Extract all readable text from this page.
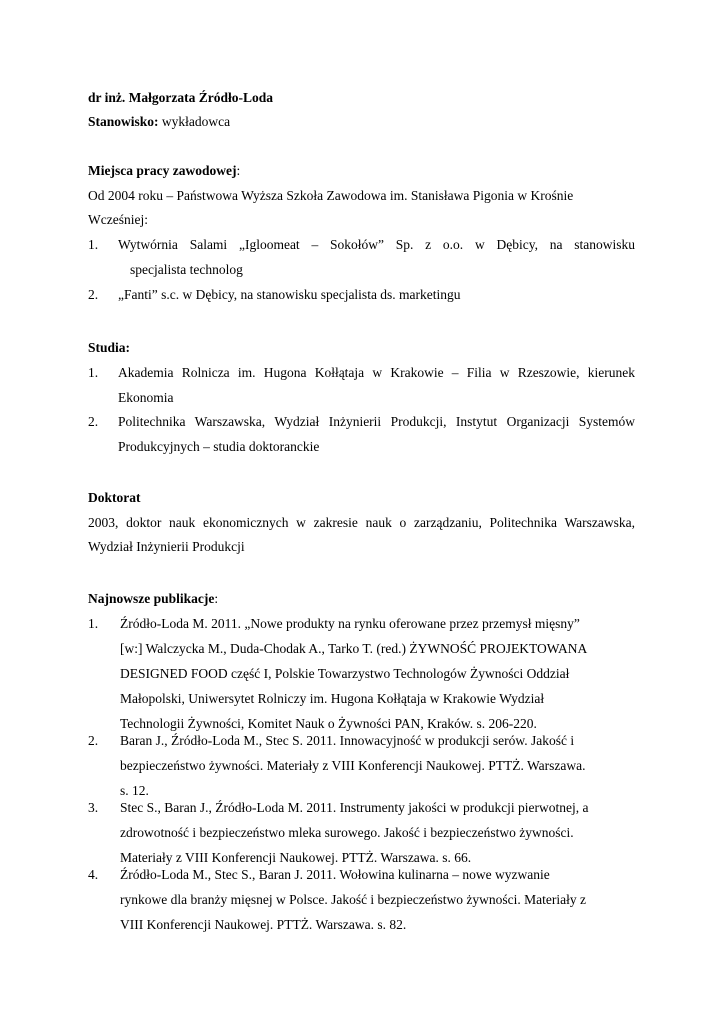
dr inż. Małgorzata Źródło-Loda
Stanowisko: wykładowca
Miejsca pracy zawodowej:
Od 2004 roku – Państwowa Wyższa Szkoła Zawodowa im. Stanisława Pigonia w Krośnie
Wcześniej:
1. Wytwórnia Salami „Igloomeat – Sokołów” Sp. z o.o. w Dębicy, na stanowisku
specjalista technolog
2. „Fanti” s.c. w Dębicy, na stanowisku specjalista ds. marketingu
Studia:
1. Akademia Rolnicza im. Hugona Kołłątaja w Krakowie – Filia w Rzeszowie, kierunek
Ekonomia
2. Politechnika Warszawska, Wydział Inżynierii Produkcji, Instytut Organizacji Systemów
Produkcyjnych – studia doktoranckie
Doktorat
2003, doktor nauk ekonomicznych w zakresie nauk o zarządzaniu, Politechnika Warszawska,
Wydział Inżynierii Produkcji
Najnowsze publikacje:
1. Źródło-Loda M. 2011. „Nowe produkty na rynku oferowane przez przemysł mięsny”
[w:] Walczycka M., Duda-Chodak A., Tarko T. (red.) ŻYWNOŚĆ PROJEKTOWANA
DESIGNED FOOD część I, Polskie Towarzystwo Technologów Żywności Oddział
Małopolski, Uniwersytet Rolniczy im. Hugona Kołłątaja w Krakowie Wydział
Technologii Żywności, Komitet Nauk o Żywności PAN, Kraków. s. 206-220.
2. Baran J., Źródło-Loda M., Stec S. 2011. Innowacyjność w produkcji serów. Jakość i
bezpieczeństwo żywności. Materiały z VIII Konferencji Naukowej. PTTŻ. Warszawa.
s. 12.
3. Stec S., Baran J., Źródło-Loda M. 2011. Instrumenty jakości w produkcji pierwotnej, a
zdrowotność i bezpieczeństwo mleka surowego. Jakość i bezpieczeństwo żywności.
Materiały z VIII Konferencji Naukowej. PTTŻ. Warszawa. s. 66.
4. Źródło-Loda M., Stec S., Baran J. 2011. Wołowina kulinarna – nowe wyzwanie
rynkowe dla branży mięsnej w Polsce. Jakość i bezpieczeństwo żywności. Materiały z
VIII Konferencji Naukowej. PTTŻ. Warszawa. s. 82.
